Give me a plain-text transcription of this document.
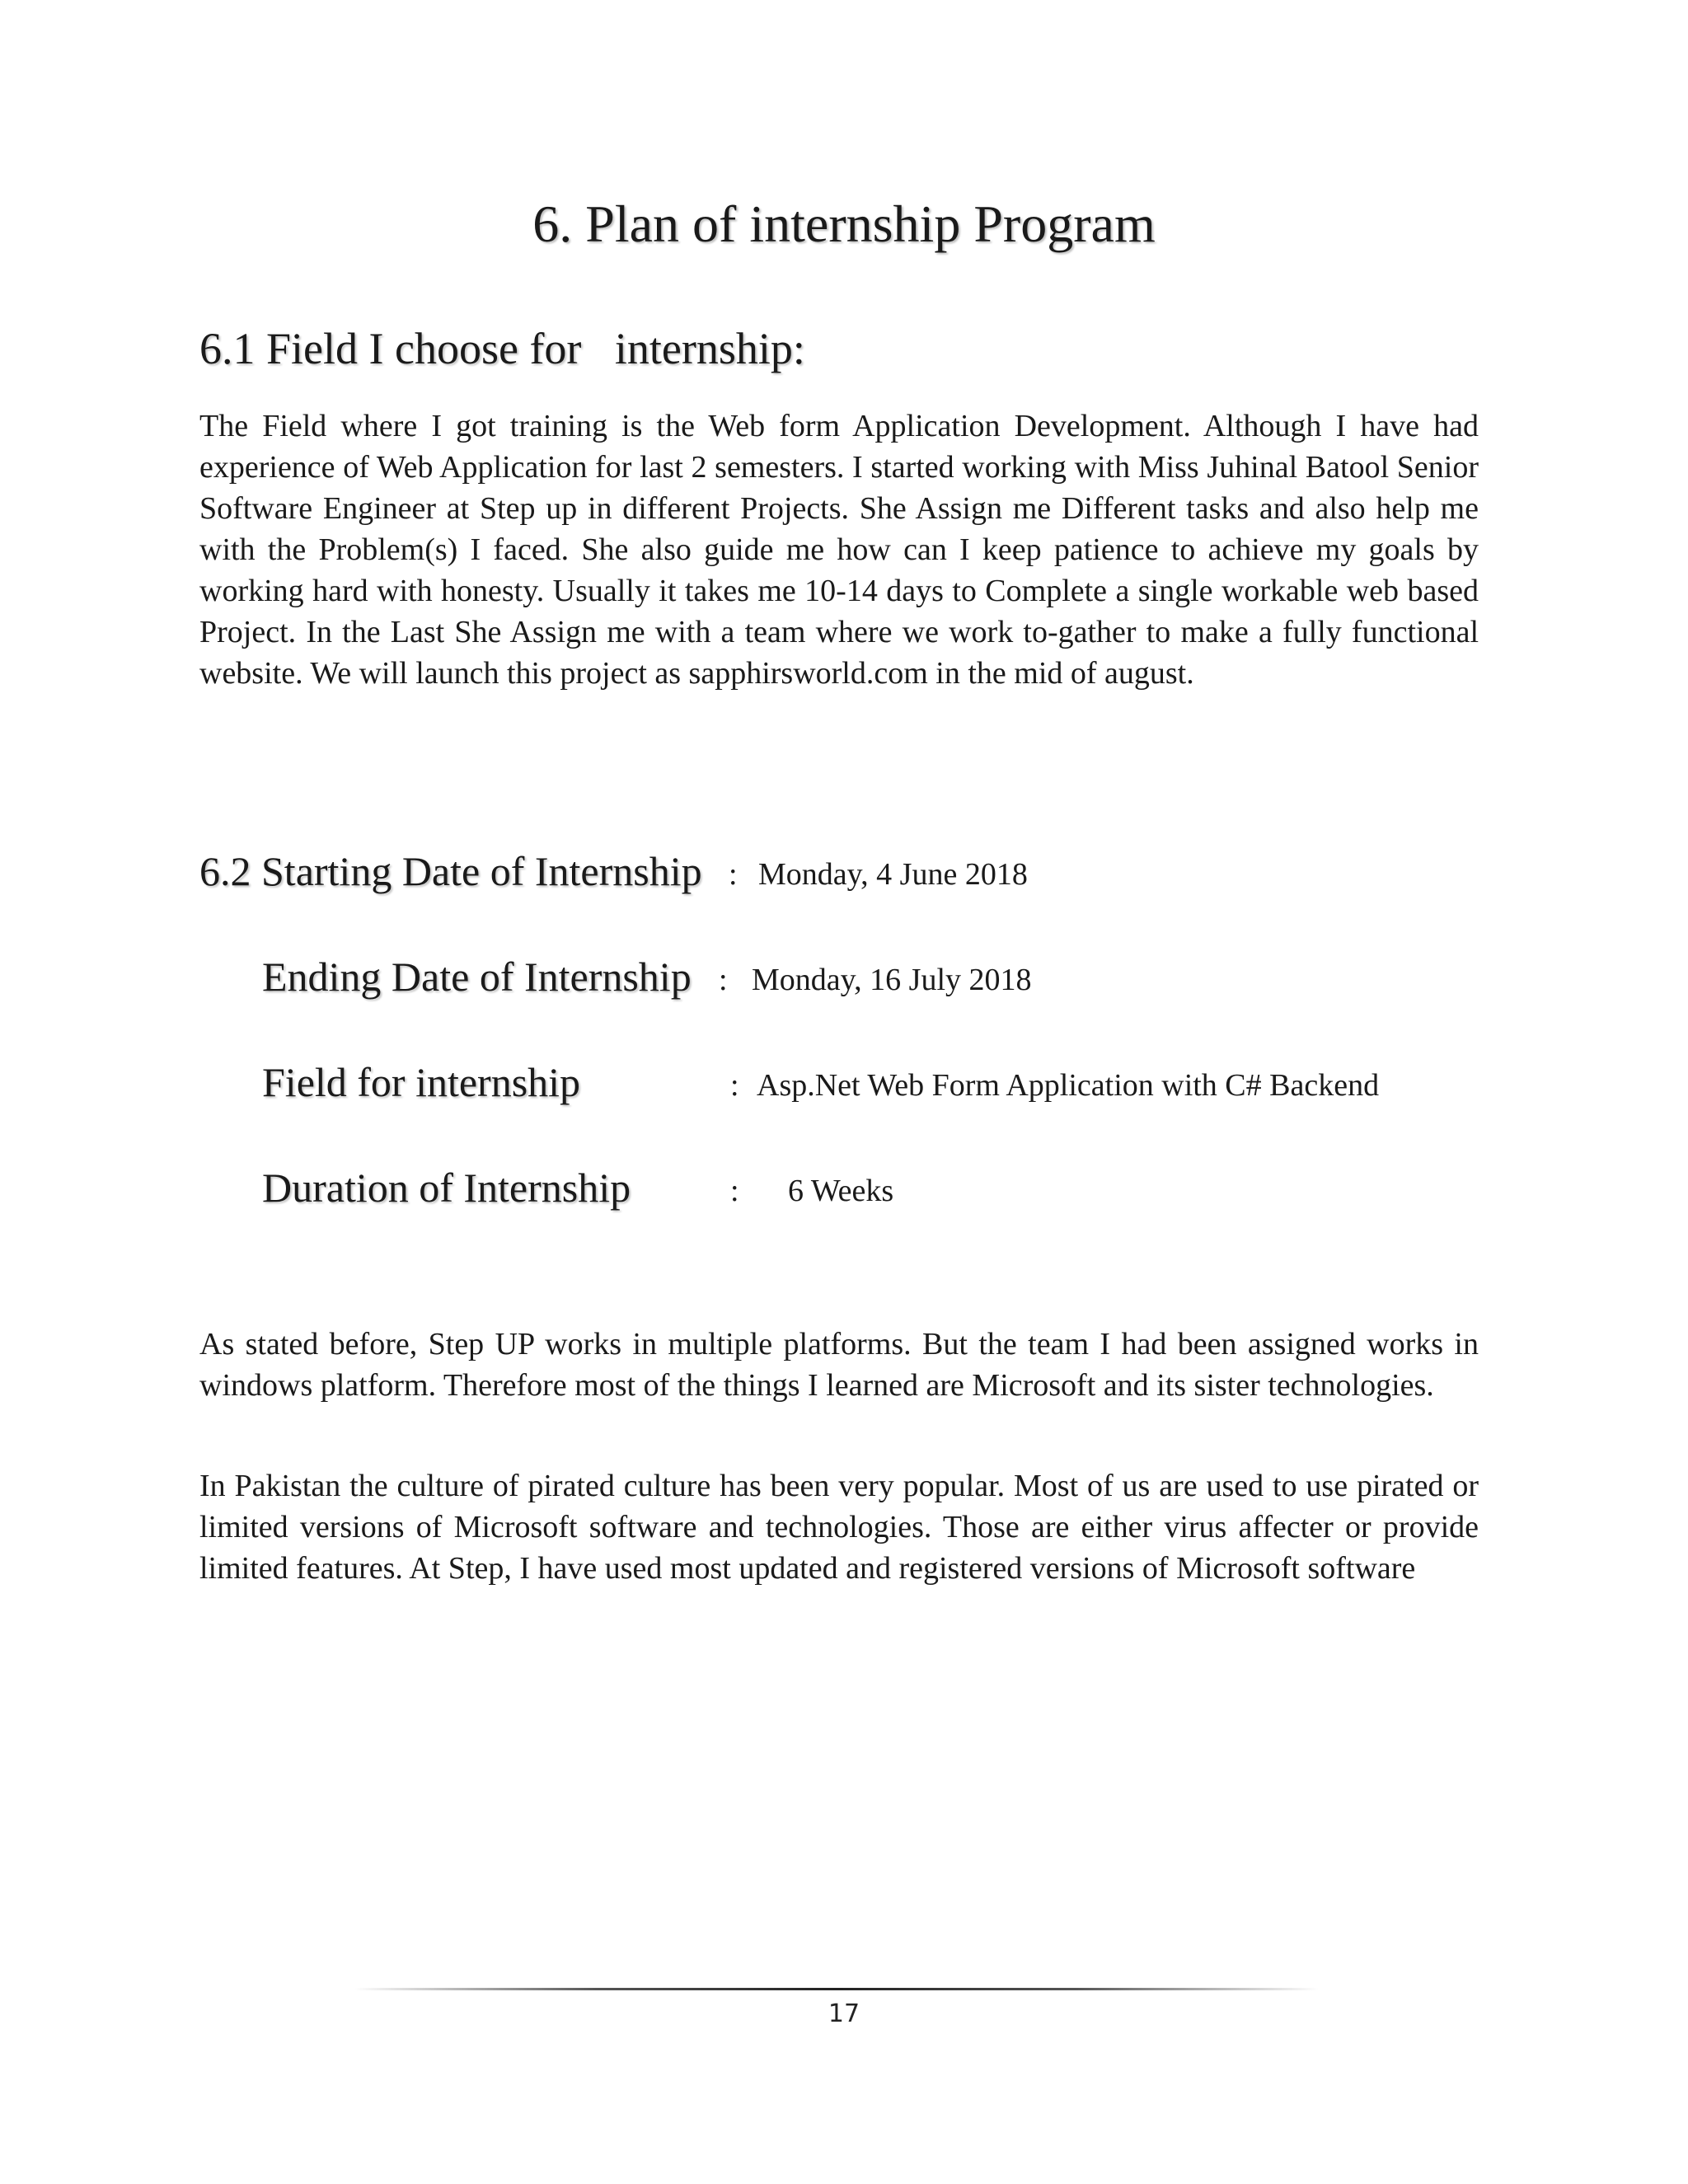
6. Plan of internship Program
6.1 Field I choose for   internship:

The Field where I got training is the Web form Application Development. Although I have had experience of Web Application for last 2 semesters. I started working with Miss Juhinal Batool Senior Software Engineer at Step up in different Projects. She Assign me Different tasks and also help me with the Problem(s) I faced. She also guide me how can I keep patience to achieve my goals by working hard with honesty. Usually it takes me 10-14 days to Complete a single workable web based Project. In the Last She Assign me with a team where we work to-gather to make a fully functional website. We will launch this project as sapphirsworld.com in the mid of august.

6.2 Starting Date of Internship : Monday, 4 June 2018
Ending Date of Internship : Monday, 16 July 2018
Field for internship	: Asp.Net Web Form Application with C# Backend
Duration of Internship	: 6 Weeks

As stated before, Step UP works in multiple platforms. But the team I had been assigned works in windows platform. Therefore most of the things I learned are Microsoft and its sister technologies.

In Pakistan the culture of pirated culture has been very popular. Most of us are used to use pirated or limited versions of Microsoft software and technologies. Those are either virus affecter or provide limited features. At Step, I have used most updated and registered versions of Microsoft software

17
